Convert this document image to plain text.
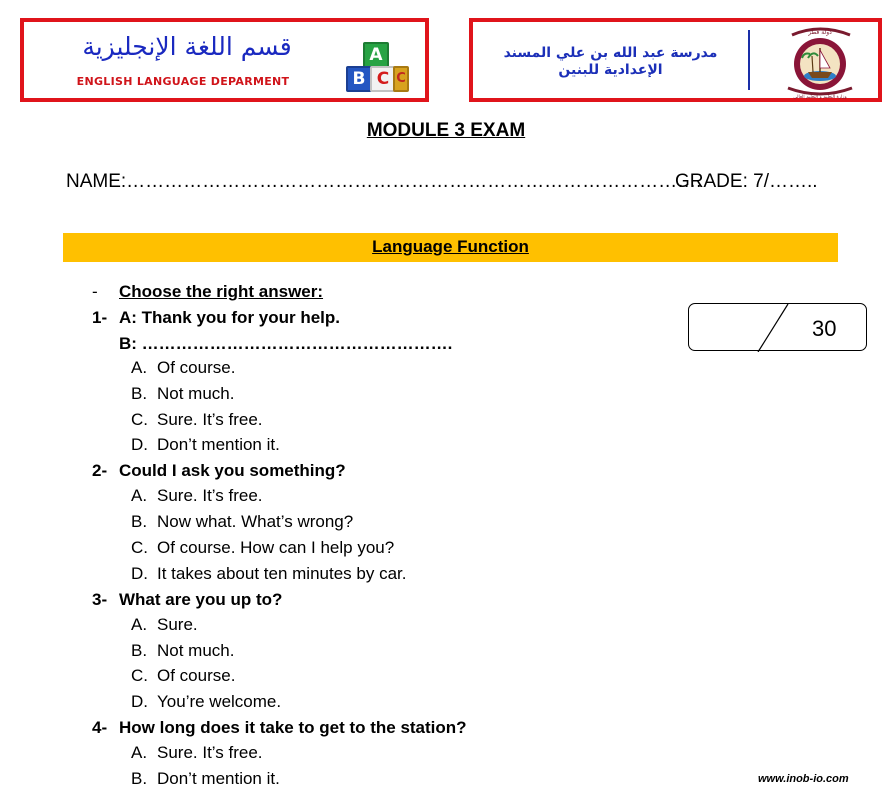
قسم اللغة الإنجليزية
ENGLISH LANGUAGE DEPARMENT
A
B C C
مدرسة عبد الله بن علي المسند
الإعدادية للبنين
دولة قطر
وزارة التعليم و التعليم العالي
MODULE 3 EXAM
NAME:……………………………………………………………………………….
GRADE: 7/……..
Language Function
30
- Choose the right answer:
1- A: Thank you for your help.
B: ……………………………………………….
A. Of course.
B. Not much.
C. Sure. It’s free.
D. Don’t mention it.
2- Could I ask you something?
A. Sure. It’s free.
B. Now what. What’s wrong?
C. Of course. How can I help you?
D. It takes about ten minutes by car.
3- What are you up to?
A. Sure.
B. Not much.
C. Of course.
D. You’re welcome.
4- How long does it take to get to the station?
A. Sure. It’s free.
B. Don’t mention it.	www.inob-io.com
